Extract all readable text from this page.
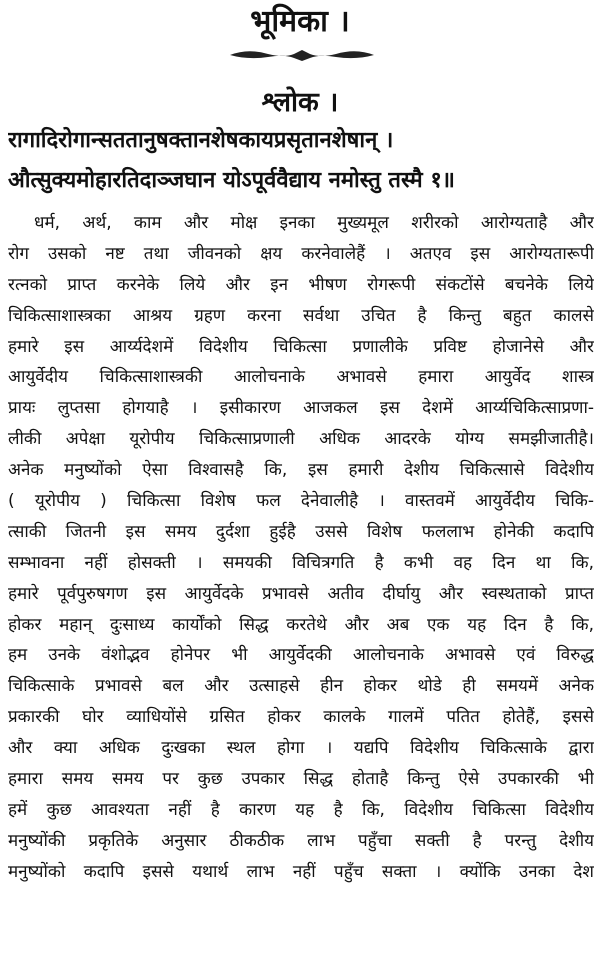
भूमिका ।
श्लोक ।
रागादिरोगान्सततानुषक्तानशेषकायप्रसृतानशेषान् ।
औत्सुक्यमोहारतिदाञ्जघान योऽपूर्ववैद्याय नमोस्तु तस्मै १॥
धर्म, अर्थ, काम और मोक्ष इनका मुख्यमूल शरीरको आरोग्यताहै और
रोग उसको नष्ट तथा जीवनको क्षय करनेवालेहैं । अतएव इस आरोग्यतारूपी
रत्नको प्राप्त करनेके लिये और इन भीषण रोगरूपी संकटोंसे बचनेके लिये
चिकित्साशास्त्रका आश्रय ग्रहण करना सर्वथा उचित है किन्तु बहुत कालसे
हमारे इस आर्य्यदेशमें विदेशीय चिकित्सा प्रणालीके प्रविष्ट होजानेसे और
आयुर्वेदीय चिकित्साशास्त्रकी आलोचनाके अभावसे हमारा आयुर्वेद शास्त्र
प्रायः लुप्तसा होगयाहै । इसीकारण आजकल इस देशमें आर्य्यचिकित्साप्रणा-
लीकी अपेक्षा यूरोपीय चिकित्साप्रणाली अधिक आदरके योग्य समझीजातीहै।
अनेक मनुष्योंको ऐसा विश्वासहै कि, इस हमारी देशीय चिकित्सासे विदेशीय
( यूरोपीय ) चिकित्सा विशेष फल देनेवालीहै । वास्तवमें आयुर्वेदीय चिकि-
त्साकी जितनी इस समय दुर्दशा हुईहै उससे विशेष फललाभ होनेकी कदापि
सम्भावना नहीं होसक्ती । समयकी विचित्रगति है कभी वह दिन था कि,
हमारे पूर्वपुरुषगण इस आयुर्वेदके प्रभावसे अतीव दीर्घायु और स्वस्थताको प्राप्त
होकर महान् दुःसाध्य कार्योंको सिद्ध करतेथे और अब एक यह दिन है कि,
हम उनके वंशोद्भव होनेपर भी आयुर्वेदकी आलोचनाके अभावसे एवं विरुद्ध
चिकित्साके प्रभावसे बल और उत्साहसे हीन होकर थोडे ही समयमें अनेक
प्रकारकी घोर व्याधियोंसे ग्रसित होकर कालके गालमें पतित होतेहैं, इससे
और क्या अधिक दुःखका स्थल होगा । यद्यपि विदेशीय चिकित्साके द्वारा
हमारा समय समय पर कुछ उपकार सिद्ध होताहै किन्तु ऐसे उपकारकी भी
हमें कुछ आवश्यता नहीं है कारण यह है कि, विदेशीय चिकित्सा विदेशीय
मनुष्योंकी प्रकृतिके अनुसार ठीकठीक लाभ पहुँचा सक्ती है परन्तु देशीय
मनुष्योंको कदापि इससे यथार्थ लाभ नहीं पहुँच सक्ता । क्योंकि उनका देश
